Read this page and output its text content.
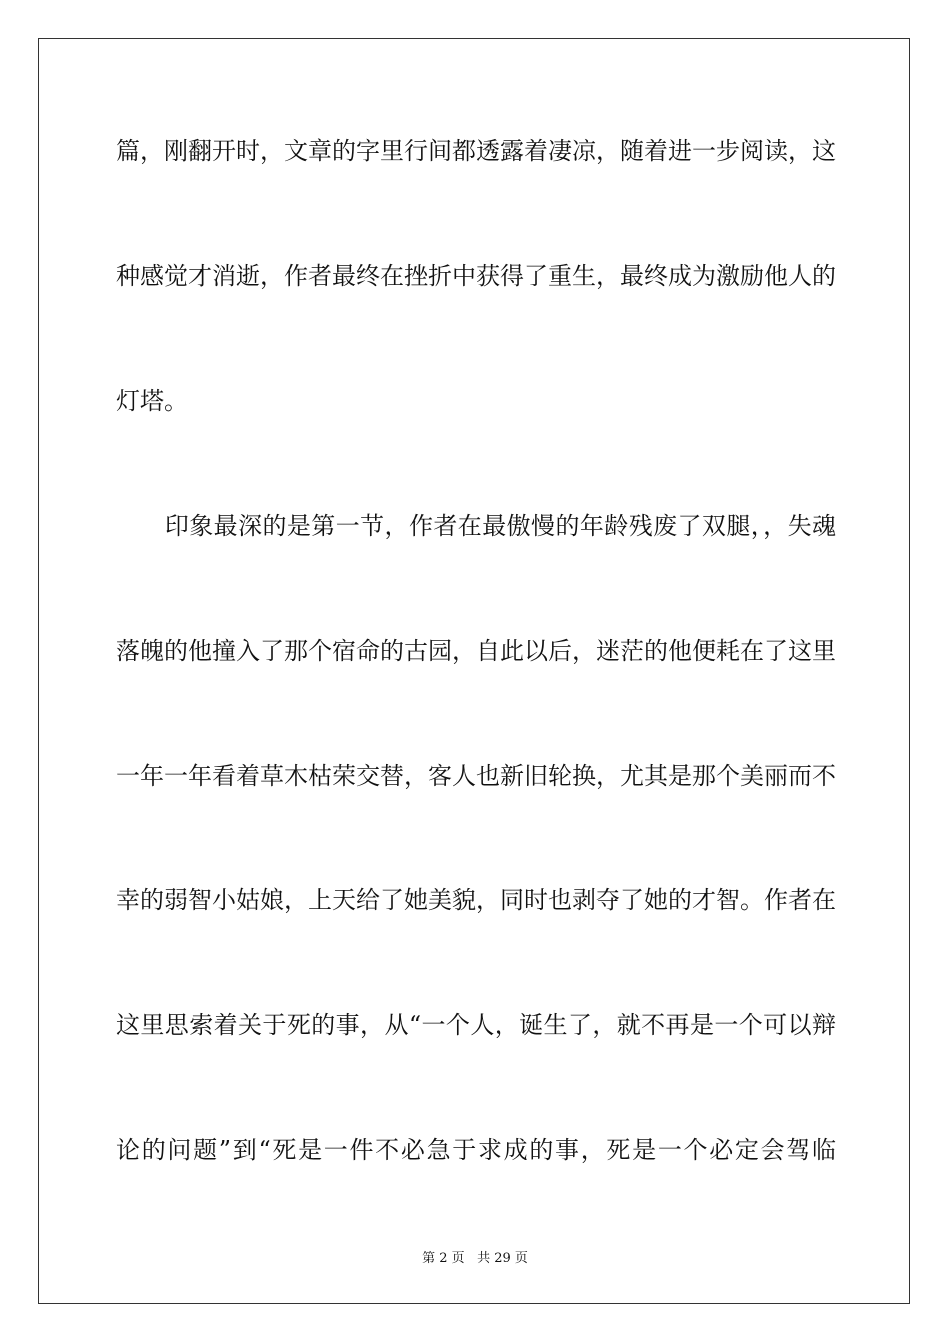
篇，刚翻开时，文章的字里行间都透露着凄凉，随着进一步阅读，这
种感觉才消逝，作者最终在挫折中获得了重生，最终成为激励他人的
灯塔。
　　印象最深的是第一节，作者在最傲慢的年龄残废了双腿，，失魂
落魄的他撞入了那个宿命的古园，自此以后，迷茫的他便耗在了这里
一年一年看着草木枯荣交替，客人也新旧轮换，尤其是那个美丽而不
幸的弱智小姑娘，上天给了她美貌，同时也剥夺了她的才智。作者在
这里思索着关于死的事，从“一个人，诞生了，就不再是一个可以辩
论的问题”到“死是一件不必急于求成的事，死是一个必定会驾临
第 2 页 共 29 页
